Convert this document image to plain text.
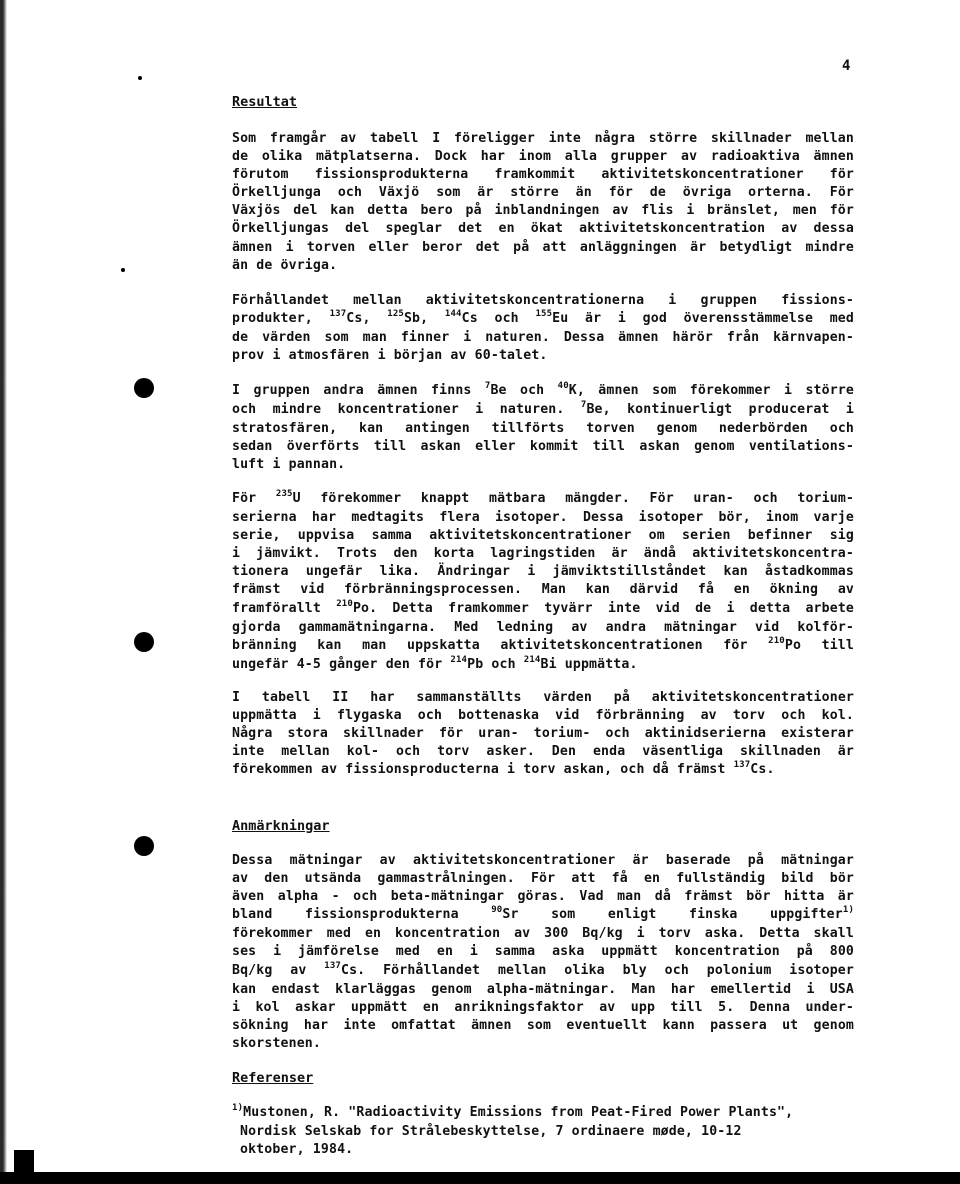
4
Resultat
Som framgår av tabell I föreligger inte några större skillnader mellan
de olika mätplatserna. Dock har inom alla grupper av radioaktiva ämnen
förutom fissionsprodukterna framkommit aktivitetskoncentrationer för
Örkelljunga och Växjö som är större än för de övriga orterna. För
Växjös del kan detta bero på inblandningen av flis i bränslet, men för
Örkelljungas del speglar det en ökat aktivitetskoncentration av dessa
ämnen i torven eller beror det på att anläggningen är betydligt mindre
än de övriga.
Förhållandet mellan aktivitetskoncentrationerna i gruppen fissions-
produkter, $^{137}$Cs, $^{125}$Sb, $^{144}$Cs och $^{155}$Eu är i god överensstämmelse med
de värden som man finner i naturen. Dessa ämnen härör från kärnvapen-
prov i atmosfären i början av 60-talet.
I gruppen andra ämnen finns $^7$Be och $^{40}$K, ämnen som förekommer i större
och mindre koncentrationer i naturen. $^7$Be, kontinuerligt producerat i
stratosfären, kan antingen tillförts torven genom nederbörden och
sedan överförts till askan eller kommit till askan genom ventilations-
luft i pannan.
För $^{235}$U förekommer knappt mätbara mängder. För uran- och torium-
serierna har medtagits flera isotoper. Dessa isotoper bör, inom varje
serie, uppvisa samma aktivitetskoncentrationer om serien befinner sig
i jämvikt. Trots den korta lagringstiden är ändå aktivitetskoncentra-
tionera ungefär lika. Ändringar i jämviktstillståndet kan åstadkommas
främst vid förbränningsprocessen. Man kan därvid få en ökning av
framförallt $^{210}$Po. Detta framkommer tyvärr inte vid de i detta arbete
gjorda gammamätningarna. Med ledning av andra mätningar vid kolför-
bränning kan man uppskatta aktivitetskoncentrationen för $^{210}$Po till
ungefär 4-5 gånger den för $^{214}$Pb och $^{214}$Bi uppmätta.
I tabell II har sammanställts värden på aktivitetskoncentrationer
uppmätta i flygaska och bottenaska vid förbränning av torv och kol.
Några stora skillnader för uran- torium- och aktinidserierna existerar
inte mellan kol- och torv asker. Den enda väsentliga skillnaden är
förekommen av fissionsproducterna i torv askan, och då främst $^{137}$Cs.
Anmärkningar
Dessa mätningar av aktivitetskoncentrationer är baserade på mätningar
av den utsända gammastrålningen. För att få en fullständig bild bör
även alpha - och beta-mätningar göras. Vad man då främst bör hitta är
bland fissionsprodukterna $^{90}$Sr som enligt finska uppgifter$^{1)}$
förekommer med en koncentration av 300 Bq/kg i torv aska. Detta skall
ses i jämförelse med en i samma aska uppmätt koncentration på 800
Bq/kg av $^{137}$Cs. Förhållandet mellan olika bly och polonium isotoper
kan endast klarläggas genom alpha-mätningar. Man har emellertid i USA
i kol askar uppmätt en anrikningsfaktor av upp till 5. Denna under-
sökning har inte omfattat ämnen som eventuellt kann passera ut genom
skorstenen.
Referenser
$^{1)}$Mustonen, R. "Radioactivity Emissions from Peat-Fired Power Plants",
Nordisk Selskab for Strålebeskyttelse, 7 ordinaere møde, 10-12
oktober, 1984.
